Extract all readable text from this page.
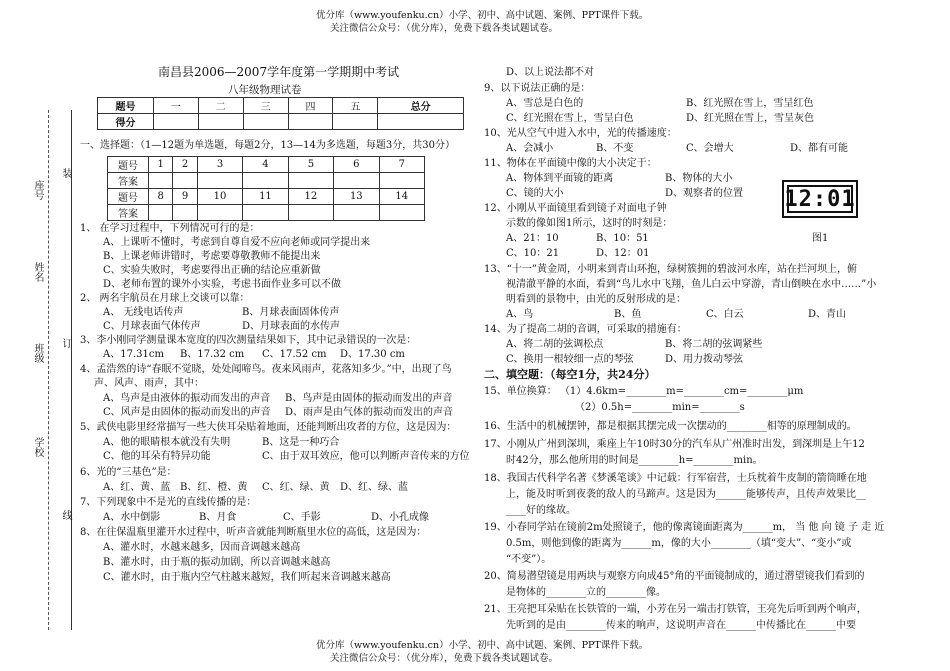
优分库（www.youfenku.cn）小学、初中、高中试题、案例、PPT课件下载。
关注微信公众号：（优分库），免费下载各类试题试卷。
座号
姓名
班级
学校
装
订
线
南昌县2006—2007学年度第一学期期中考试
八年级物理试卷
题号	一	二	三	四	五	总分
得分						
一、选择题：（1—12题为单选题，每题2分，13—14为多选题，每题3分，共30分）
题号	1	2	3	4	5	6	7
答案							
题号	8	9	10	11	12	13	14
答案							
1、 在学习过程中，下列情况可行的是：
A、上课听不懂时，考虑到自尊自爱不应向老师或同学提出来
B、上课老师讲错时，考虑要尊敬教师不能提出来
C、实验失败时，考虑要得出正确的结论应重新做
D、老师布置的课外小实验，考虑书面作业多可以不做
2、 两名宇航员在月球上交谈可以靠：
A、 无线电话传声	B、月球表面固体传声
C、月球表面气体传声	D、月球表面的水传声
3、李小刚同学测量课本宽度的四次测量结果如下，其中记录错误的一次是：
A、17.31cm B、17.32 cm C、17.52 cm D、17.30 cm
4、孟浩然的诗“春眠不觉晓，处处闻啼鸟。夜来风雨声，花落知多少。”中，出现了鸟
声、风声、雨声，其中：
A、鸟声是由液体的振动而发出的声音 B、鸟声是由固体的振动而发出的声音
C、风声是由固体的振动而发出的声音 D、雨声是由气体的振动而发出的声音
5、武侠电影里经常描写一些大侠耳朵贴着地面，还能判断出攻者的方位，这是因为：
A、他的眼睛根本就没有失明	B、这是一种巧合
C、他的耳朵有特异功能	C、由于双耳效应，他可以判断声音传来的方位
6、光的“三基色”是：
A、红、黄、蓝 B、红、橙、黄 C、红、绿、黄 D、红、绿、蓝
7、下列现象中不是光的直线传播的是：
A、水中倒影	B、月食	C、手影	D、小孔成像
8、在往保温瓶里灌开水过程中，听声音就能判断瓶里水位的高低，这是因为：
A、灌水时，水越来越多，因而音调越来越高
B、灌水时，由于瓶的振动加剧，所以音调越来越高
C、灌水时，由于瓶内空气柱越来越短，我们听起来音调越来越高
D、以上说法都不对
9、以下说法正确的是：
A、雪总是白色的	B、红光照在雪上，雪呈红色
C、红光照在雪上，雪呈白色	D、红光照在雪上，雪呈灰色
10、光从空气中进入水中，光的传播速度：
A、会减小	B、不变	C、会增大	D、都有可能
11、物体在平面镜中像的大小决定于：
A、物体到平面镜的距离	B、物体的大小
C、镜的大小	D、观察者的位置 12:01
12、小刚从平面镜里看到镜子对面电子钟
示数的像如图1所示，这时的时刻是：
A、21：10	B、10：51
C、10：21	D、12：01
图1
13、“十一”黄金周，小明来到青山环抱，绿树簇拥的碧波河水库，站在拦河坝上，俯
视清澈平静的水面，看到“鸟儿水中飞翔，鱼儿白云中穿游，青山倒映在水中……”小
明看到的景物中，由光的反射形成的是：
A、鸟	B、鱼	C、白云	D、青山
14、为了提高二胡的音调，可采取的措施有：
A、将二胡的弦调松点	B、将二胡的弦调紧些
C、换用一根较细一点的琴弦	D、用力拨动琴弦
二、填空题：（每空1分，共24分）
15、单位换算： （1）4.6km=________m=________cm=________μm
（2）0.5h=________min=________s
16、生活中的机械摆钟，都是根据其摆完成一次摆动的________相等的原理制成的。
17、小刚从广州到深圳，乘座上午10时30分的汽车从广州准时出发，到深圳是上午12
时42分，那么他所用的时间是________h=________min。
18、我国古代科学名著《梦溪笔谈》中记载：行军宿营，士兵枕着牛皮制的箭筒睡在地
上，能及时听到夜袭的敌人的马蹄声。这是因为______能够传声，且传声效果比__
____好的缘故。
19、小春同学站在镜前2m处照镜子，他的像离镜面距离为______m， 当 他 向 镜 子 走 近
0.5m，则他到像的距离为______m，像的大小________（填“变大”、“变小”或
“不变”）。
20、简易潜望镜是用两块与观察方向成45°角的平面镜制成的，通过潜望镜我们看到的
是物体的________立的________像。
21、王亮把耳朵贴在长铁管的一端，小芳在另一端击打铁管，王亮先后听到两个响声，
先听到的是由________传来的响声，这说明声音在______中传播比在______中要
优分库（www.youfenku.cn）小学、初中、高中试题、案例、PPT课件下载。
关注微信公众号：（优分库），免费下载各类试题试卷。
